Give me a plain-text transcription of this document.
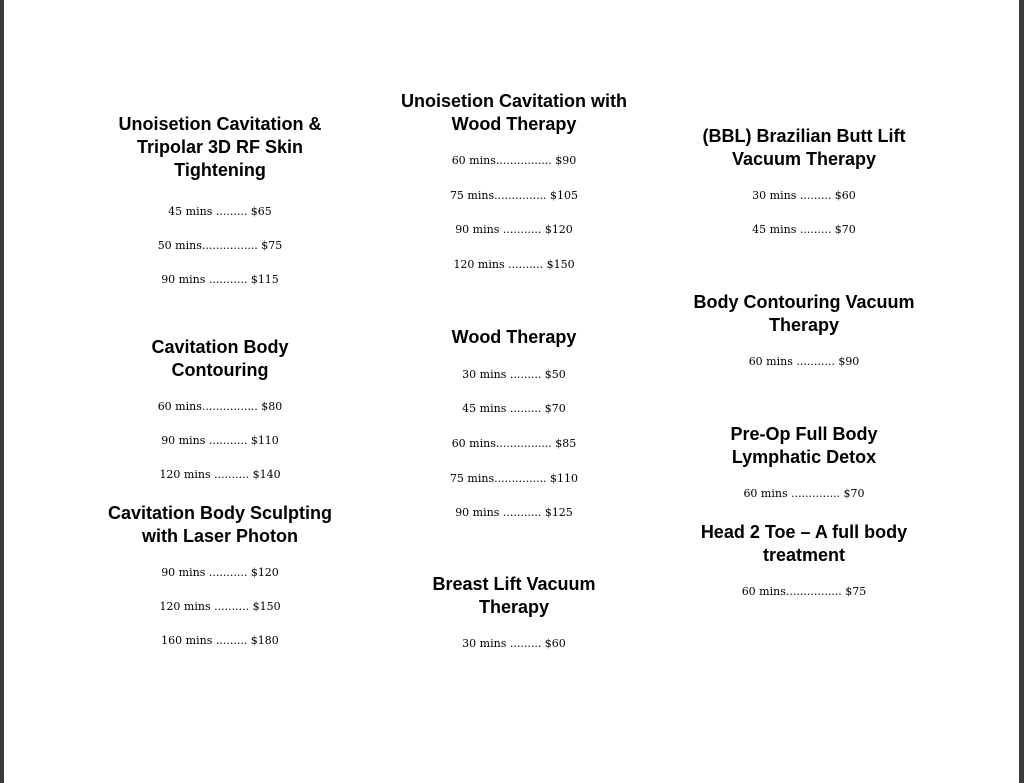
Unoisetion Cavitation &
Tripolar 3D RF Skin
Tightening
45 mins ......... $65
50 mins................ $75
90 mins ........... $115
Cavitation Body
Contouring
60 mins................ $80
90 mins ........... $110
120 mins .......... $140
Cavitation Body Sculpting
with Laser Photon
90 mins ........... $120
120 mins .......... $150
160 mins ......... $180
Unoisetion Cavitation with
Wood Therapy
60 mins................ $90
75 mins............... $105
90 mins ........... $120
120 mins .......... $150
Wood Therapy
30 mins ......... $50
45 mins ......... $70
60 mins................ $85
75 mins............... $110
90 mins ........... $125
Breast Lift Vacuum
Therapy
30 mins ......... $60
(BBL) Brazilian Butt Lift
Vacuum Therapy
30 mins ......... $60
45 mins ......... $70
Body Contouring Vacuum
Therapy
60 mins ........... $90
Pre-Op Full Body
Lymphatic Detox
60 mins .............. $70
Head 2 Toe – A full body
treatment
60 mins................ $75
